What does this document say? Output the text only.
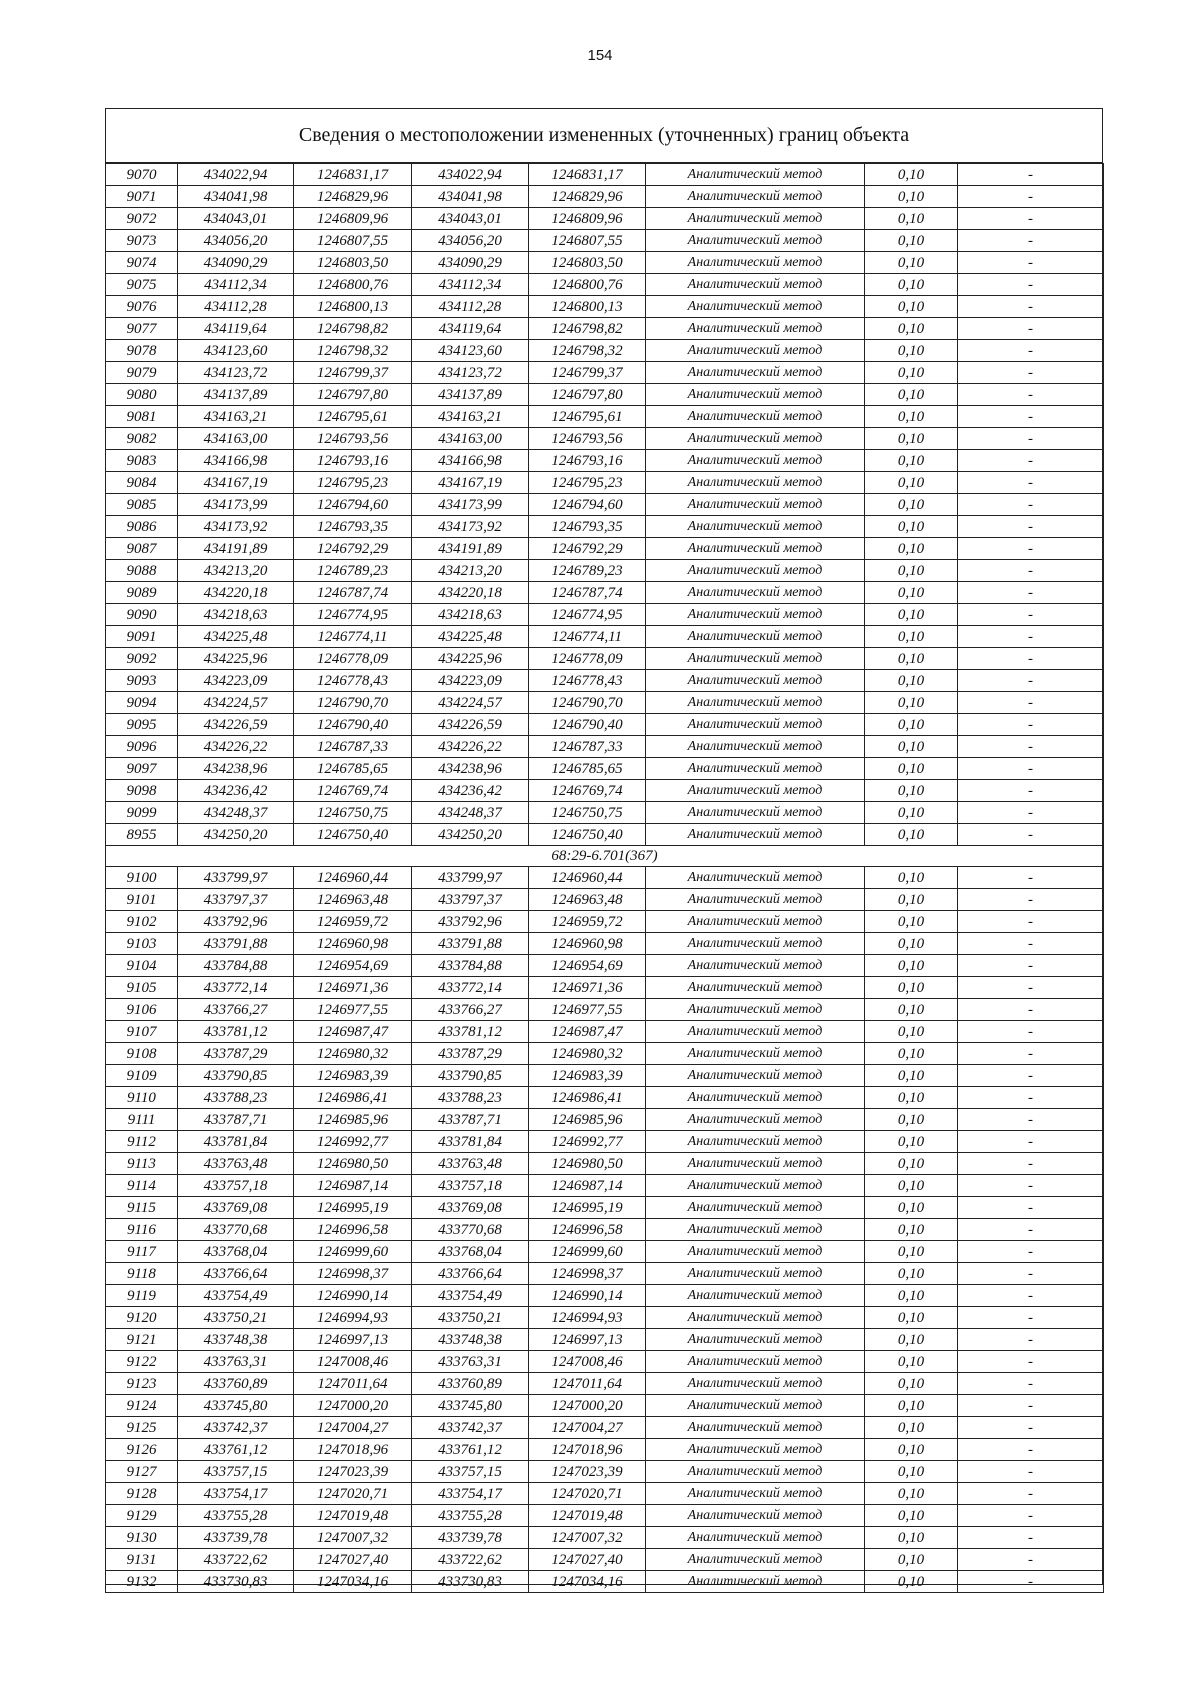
154
Сведения о местоположении измененных (уточненных) границ объекта
9070	434022,94	1246831,17	434022,94	1246831,17	Аналитический метод	0,10	-
9071	434041,98	1246829,96	434041,98	1246829,96	Аналитический метод	0,10	-
9072	434043,01	1246809,96	434043,01	1246809,96	Аналитический метод	0,10	-
9073	434056,20	1246807,55	434056,20	1246807,55	Аналитический метод	0,10	-
9074	434090,29	1246803,50	434090,29	1246803,50	Аналитический метод	0,10	-
9075	434112,34	1246800,76	434112,34	1246800,76	Аналитический метод	0,10	-
9076	434112,28	1246800,13	434112,28	1246800,13	Аналитический метод	0,10	-
9077	434119,64	1246798,82	434119,64	1246798,82	Аналитический метод	0,10	-
9078	434123,60	1246798,32	434123,60	1246798,32	Аналитический метод	0,10	-
9079	434123,72	1246799,37	434123,72	1246799,37	Аналитический метод	0,10	-
9080	434137,89	1246797,80	434137,89	1246797,80	Аналитический метод	0,10	-
9081	434163,21	1246795,61	434163,21	1246795,61	Аналитический метод	0,10	-
9082	434163,00	1246793,56	434163,00	1246793,56	Аналитический метод	0,10	-
9083	434166,98	1246793,16	434166,98	1246793,16	Аналитический метод	0,10	-
9084	434167,19	1246795,23	434167,19	1246795,23	Аналитический метод	0,10	-
9085	434173,99	1246794,60	434173,99	1246794,60	Аналитический метод	0,10	-
9086	434173,92	1246793,35	434173,92	1246793,35	Аналитический метод	0,10	-
9087	434191,89	1246792,29	434191,89	1246792,29	Аналитический метод	0,10	-
9088	434213,20	1246789,23	434213,20	1246789,23	Аналитический метод	0,10	-
9089	434220,18	1246787,74	434220,18	1246787,74	Аналитический метод	0,10	-
9090	434218,63	1246774,95	434218,63	1246774,95	Аналитический метод	0,10	-
9091	434225,48	1246774,11	434225,48	1246774,11	Аналитический метод	0,10	-
9092	434225,96	1246778,09	434225,96	1246778,09	Аналитический метод	0,10	-
9093	434223,09	1246778,43	434223,09	1246778,43	Аналитический метод	0,10	-
9094	434224,57	1246790,70	434224,57	1246790,70	Аналитический метод	0,10	-
9095	434226,59	1246790,40	434226,59	1246790,40	Аналитический метод	0,10	-
9096	434226,22	1246787,33	434226,22	1246787,33	Аналитический метод	0,10	-
9097	434238,96	1246785,65	434238,96	1246785,65	Аналитический метод	0,10	-
9098	434236,42	1246769,74	434236,42	1246769,74	Аналитический метод	0,10	-
9099	434248,37	1246750,75	434248,37	1246750,75	Аналитический метод	0,10	-
8955	434250,20	1246750,40	434250,20	1246750,40	Аналитический метод	0,10	-
68:29-6.701(367)							
9100	433799,97	1246960,44	433799,97	1246960,44	Аналитический метод	0,10	-
9101	433797,37	1246963,48	433797,37	1246963,48	Аналитический метод	0,10	-
9102	433792,96	1246959,72	433792,96	1246959,72	Аналитический метод	0,10	-
9103	433791,88	1246960,98	433791,88	1246960,98	Аналитический метод	0,10	-
9104	433784,88	1246954,69	433784,88	1246954,69	Аналитический метод	0,10	-
9105	433772,14	1246971,36	433772,14	1246971,36	Аналитический метод	0,10	-
9106	433766,27	1246977,55	433766,27	1246977,55	Аналитический метод	0,10	-
9107	433781,12	1246987,47	433781,12	1246987,47	Аналитический метод	0,10	-
9108	433787,29	1246980,32	433787,29	1246980,32	Аналитический метод	0,10	-
9109	433790,85	1246983,39	433790,85	1246983,39	Аналитический метод	0,10	-
9110	433788,23	1246986,41	433788,23	1246986,41	Аналитический метод	0,10	-
9111	433787,71	1246985,96	433787,71	1246985,96	Аналитический метод	0,10	-
9112	433781,84	1246992,77	433781,84	1246992,77	Аналитический метод	0,10	-
9113	433763,48	1246980,50	433763,48	1246980,50	Аналитический метод	0,10	-
9114	433757,18	1246987,14	433757,18	1246987,14	Аналитический метод	0,10	-
9115	433769,08	1246995,19	433769,08	1246995,19	Аналитический метод	0,10	-
9116	433770,68	1246996,58	433770,68	1246996,58	Аналитический метод	0,10	-
9117	433768,04	1246999,60	433768,04	1246999,60	Аналитический метод	0,10	-
9118	433766,64	1246998,37	433766,64	1246998,37	Аналитический метод	0,10	-
9119	433754,49	1246990,14	433754,49	1246990,14	Аналитический метод	0,10	-
9120	433750,21	1246994,93	433750,21	1246994,93	Аналитический метод	0,10	-
9121	433748,38	1246997,13	433748,38	1246997,13	Аналитический метод	0,10	-
9122	433763,31	1247008,46	433763,31	1247008,46	Аналитический метод	0,10	-
9123	433760,89	1247011,64	433760,89	1247011,64	Аналитический метод	0,10	-
9124	433745,80	1247000,20	433745,80	1247000,20	Аналитический метод	0,10	-
9125	433742,37	1247004,27	433742,37	1247004,27	Аналитический метод	0,10	-
9126	433761,12	1247018,96	433761,12	1247018,96	Аналитический метод	0,10	-
9127	433757,15	1247023,39	433757,15	1247023,39	Аналитический метод	0,10	-
9128	433754,17	1247020,71	433754,17	1247020,71	Аналитический метод	0,10	-
9129	433755,28	1247019,48	433755,28	1247019,48	Аналитический метод	0,10	-
9130	433739,78	1247007,32	433739,78	1247007,32	Аналитический метод	0,10	-
9131	433722,62	1247027,40	433722,62	1247027,40	Аналитический метод	0,10	-
9132	433730,83	1247034,16	433730,83	1247034,16	Аналитический метод	0,10	-
